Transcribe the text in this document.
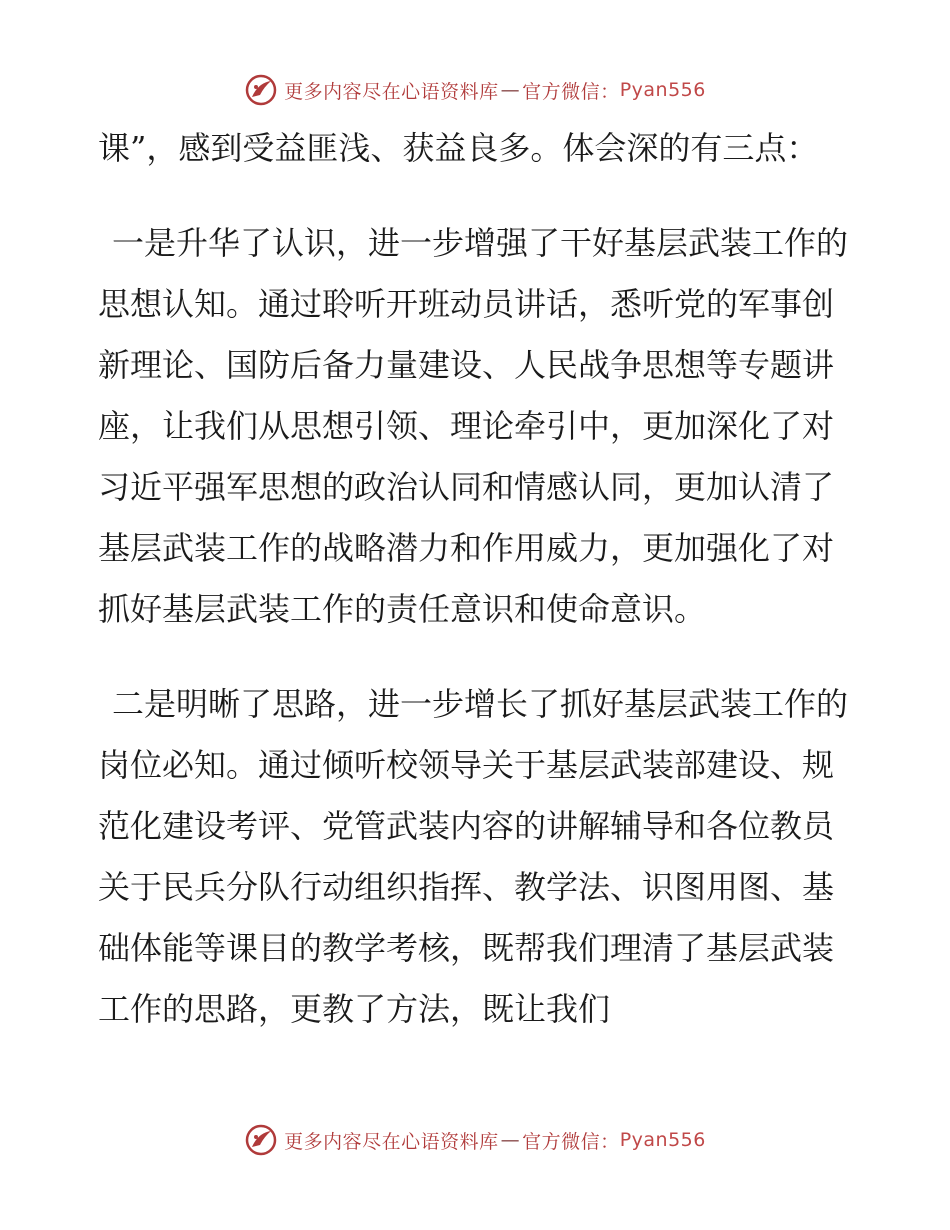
更多内容尽在心语资料库 — 官方微信： Pyan556

课”，感到受益匪浅、获益良多。体会深的有三点：

一是升华了认识，进一步增强了干好基层武装工作的思想认知。通过聆听开班动员讲话，悉听党的军事创新理论、国防后备力量建设、人民战争思想等专题讲座，让我们从思想引领、理论牵引中，更加深化了对习近平强军思想的政治认同和情感认同，更加认清了基层武装工作的战略潜力和作用威力，更加强化了对抓好基层武装工作的责任意识和使命意识。

二是明晰了思路，进一步增长了抓好基层武装工作的岗位必知。通过倾听校领导关于基层武装部建设、规范化建设考评、党管武装内容的讲解辅导和各位教员关于民兵分队行动组织指挥、教学法、识图用图、基础体能等课目的教学考核，既帮我们理清了基层武装工作的思路，更教了方法，既让我们

更多内容尽在心语资料库 — 官方微信： Pyan556
